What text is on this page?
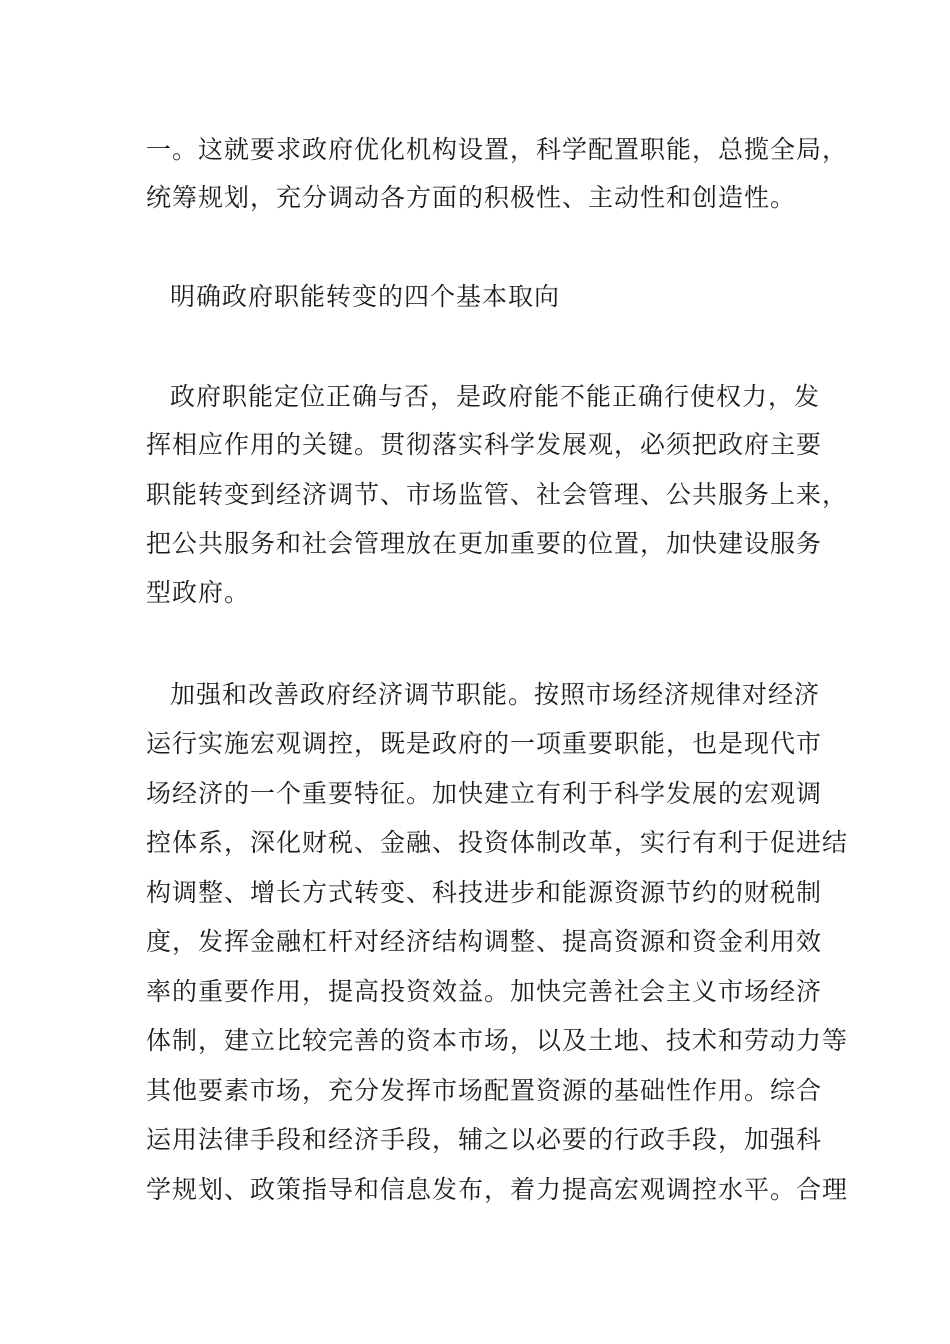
一。这就要求政府优化机构设置，科学配置职能，总揽全局，
统筹规划，充分调动各方面的积极性、主动性和创造性。
明确政府职能转变的四个基本取向
政府职能定位正确与否，是政府能不能正确行使权力，发
挥相应作用的关键。贯彻落实科学发展观，必须把政府主要
职能转变到经济调节、市场监管、社会管理、公共服务上来，
把公共服务和社会管理放在更加重要的位置，加快建设服务
型政府。
加强和改善政府经济调节职能。按照市场经济规律对经济
运行实施宏观调控，既是政府的一项重要职能，也是现代市
场经济的一个重要特征。加快建立有利于科学发展的宏观调
控体系，深化财税、金融、投资体制改革，实行有利于促进结
构调整、增长方式转变、科技进步和能源资源节约的财税制
度，发挥金融杠杆对经济结构调整、提高资源和资金利用效
率的重要作用，提高投资效益。加快完善社会主义市场经济
体制，建立比较完善的资本市场，以及土地、技术和劳动力等
其他要素市场，充分发挥市场配置资源的基础性作用。综合
运用法律手段和经济手段，辅之以必要的行政手段，加强科
学规划、政策指导和信息发布，着力提高宏观调控水平。合理
